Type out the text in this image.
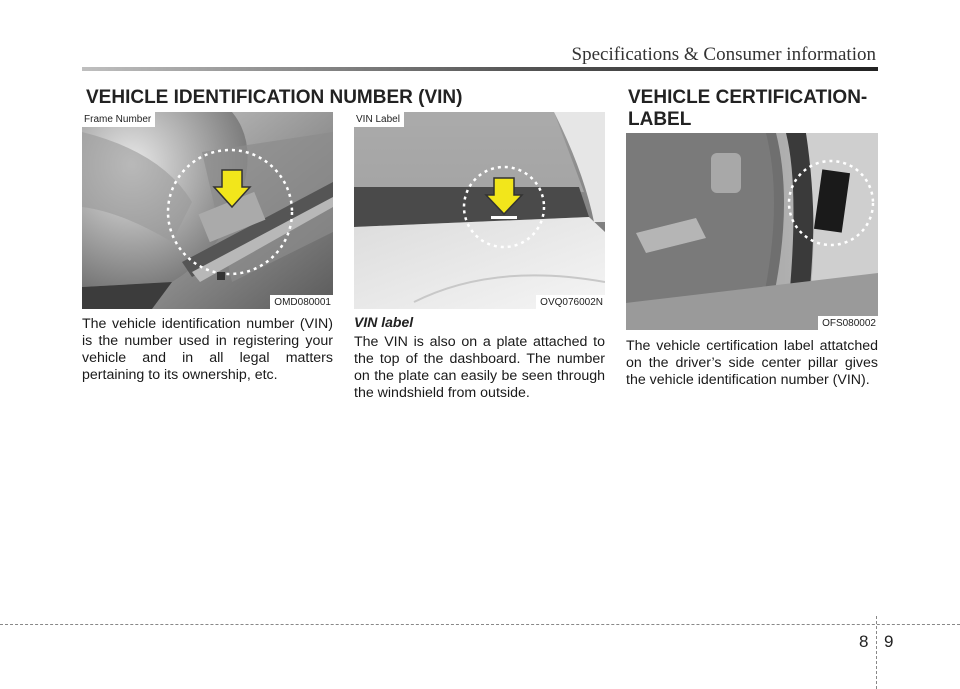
Specifications & Consumer information
VEHICLE IDENTIFICATION NUMBER (VIN)
Frame Number
OMD080001
The vehicle identification number (VIN) is the number used in registering your vehicle and in all legal matters pertaining to its ownership, etc.
VIN Label
OVQ076002N
VIN label
The VIN is also on a plate attached to the top of the dashboard. The number on the plate can easily be seen through the windshield from outside.
VEHICLE CERTIFICATION-
LABEL
OFS080002
The vehicle certification label attatched on the driver’s side center pillar gives the vehicle identification number (VIN).
8 9
